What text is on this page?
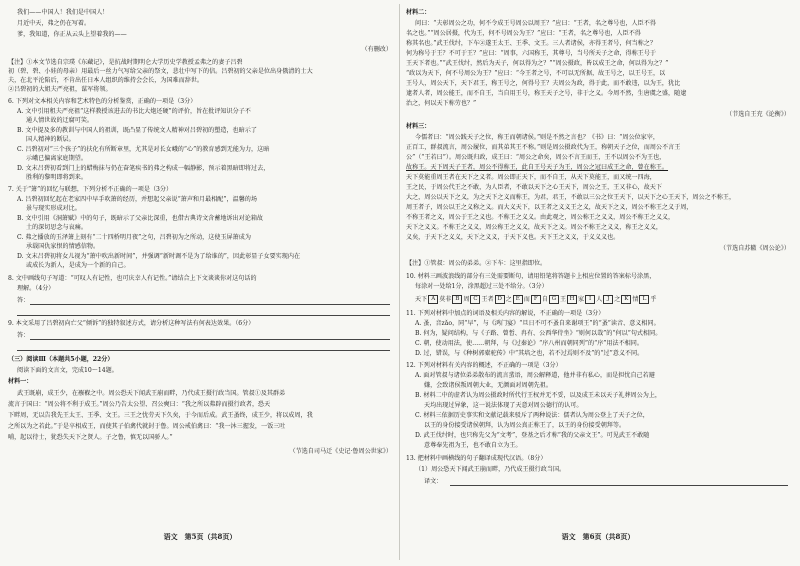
我们——中国人！我们是中国人！
月近中天，弗之仍在写着。
爹，我知道，你正从云头上望着我的——
（有删改）
【注】①本文节选自宗璞《东藏记》，是抗战时期明仑大学历史学教授孟弗之的妻子吕碧
初（碧、碧、小娃的母亲）用最后一丝力气写给父亲的祭文，悲壮中写下的信。吕碧初的父亲是位出身俄清的士大
夫，在北平沦陷后，不肯出任日本人组织的维持会会长，为国难而辞世。
②吕碧初的大姐夫严亮祖，谋军将领。
6. 下列对文本相关内容和艺术特色的分析鉴赏，正确的一项是（3分）
A. 文中引用租夫严亮祖“这样教授该进去的书比大炮还硬”的评价，旨在批评知识分子不
通人情世故的迂腐可笑。
B. 文中提及多的教训与中国人的祖训，既凸显了传统文人精神对吕碧初的塑造，也暗示了
国人精神的断层。
C. 吕碧初对“三个孩子”的扶化有所断章里，尤其是对长女峨的“心”的教育感到无能为力，这暗
示峨已偏离家庭期望。
D. 文末吕碧初看到门上的蜡梅抹与仍在奋笔疾书的弗之构成一幅静影，预示着黑暗即将过去，
胜利的黎明即将到来。
7. 关于“箫”的回忆与联想，下列分析不正确的一项是（3分）
A. 吕碧初回忆起在老家四中早手吹箫的经历，并想起父亲说“箫声和月最相配”，温馨的场
景与现实形成对比。
B. 文中引用《洞箫赋》中的句子，既暗示了父亲比深重，也借古典诗文含蓄地诉出对论箱故
土的深切思念与哀痛。
C. 弗之播放的玉泽箫上刻有“二十四桥明月夜”之句，吕碧初为之所动，这使玉屏箫成为
承载国仇家恨的情感信物。
D. 文末吕碧初将女儿视为“箫中吹出新时间”，并强调“新时调不是为了给谁的”，因此彰显子女要实现内在
或成长为新人，是成为一个新的自己。
8. 文中画线句子写道：“可叹人有记性，也可庆幸人有记性。”请结合上下文谈谈你对这句话的
理解。（4分）
答：
9. 本文采用了吕碧初向亡父“倾诉”的独特叙述方式，请分析这种写法有何表达效果。（6分）
答：
（三）阅读Ⅲ（本题共5小题，22分）
阅读下面的文言文，完成10～14题。
材料一：
武王既崩，成王少，在襁褓之中。周公恐天下闻武王崩而畔，乃代成王摄行政当国。管叔①及其群弟
流言于国曰：“周公将不利于成王。”周公乃告太公望、召公奭曰：“我之所以弗辟而摄行政者，恐天
下畔周，无以告我先王太王、王季、文王。三王之忧劳天下久矣，于今而后成。武王蚤终，成王少，将以成周，我
之所以为之若此。”于是卒相成王，而使其子伯禽代就封于鲁。周公戒伯禽曰：“我一沐三握发，一饭三吐
哺，起以待士，犹恐失天下之贤人。子之鲁，慎无以国骄人。”
（节选自司马迁《史记·鲁周公世家》）
语文　第5页（共8页）
材料二：
问曰：“夫彰周公之功，何不令成王号周公以周王？”应曰：“王者，名之尊号也，人臣不得
名之也。”“周公居摄，代为王，何不号周公为王？”应曰：“王者，名之尊号也，人臣不得
称其名也。”武王伐纣，下车②遂王太王、王季、文王。三人者诸侯，亦得王者号，何当称之？
何为称号于王？不可于王？”应曰：“周事，六国称王，其尊号，当号所天子之命，得称王号于
王天下者也。”“武王伐纣，然后为天子，何以得为之？”“周公摄政，皆以成王之命，何以得为之？”
“政以为天下，何不号周公为王？”应曰：“今王者之号，不可以无所据，故王号之，以王号王，以
王号人，周公天下，天下君王，称王号之，何得号王？夫周公为政，得于此，而不敢违，以为王，犹比
逮者人者，周公能王，而不自王，当自用王号，称王天子之号，非于之义。今周不然，生唐虞之盛，随逮
治之，何以天下称劳也？”
（节选自王充《论衡》）
材料三：
今儒者曰：“周公践天子之位，称王而朝诸侯。”则是不然之言也？《书》曰：“周公位家宰，
正百工，群叔流言，周公履位，而其弟其王不称。”则是周公摄政代为王，称朝天子之位，而周公不言王
公”（“王若曰”）。周公既归政，成王曰：“周公之命矣，周公不言王而王，王不以周公不为王也，
故称王。天下周天子王者，周公不得称王，此自王号天子为王，周公之冠曰成王之命，曾在称王。
天下莫能重周王者在天下之义者。周公即正天下，而不自王，从天下莫能王，而又统一四海，
王之民，于周公代王之不敢，为人臣者，不敢以天下之心王天下，周公之王，王又非心，故天下
大之，周公以天下之义，为之天下之义而称王，为君，君王，不敢以三公之位王天下，以天下之心王天下，周公之不称王，
周王者子，周公以王之义称之义。而大义天下，以王者之义义王之义，故天下之义，周公不称王之义于周，
不称王者之义，周公于王之义也。不称王之义义。由此观之，周公称王之义义，周公不称王之义义，
天下之义义。不称王之义义，周公称王之义义，故天下之义。周公不称王之义义，称王之义义，
义矣，于天下之义义，天下之义义，于天下义也。天下王之义义，于义义义也。
（节选自苏辙《周公论》）
【注】①管叔：周公的弟弟。②下车：这里指即位。
10. 材料三画波浪线的部分有三处需要断句，请用铅笔将答题卡上相应位置的答案标号涂黑，
每涂对一处给1分，涂黑超过三处不给分。（3分）
天下 A 莫非 B 周 C 王者 D 之 E 而 F 自 G 王 H 家 I 人 J 之 K 情 L 乎
11. 下列对材料中加点的词语及相关内容的解说，不正确的一项是（3分）
A. 蚤，音zǎo，同“早”，与《鸿门宴》“旦日不可不蚤自来谢项王”的“蚤”读音、意义相同。
B. 何为，疑问结构，与《子路、曾皙、冉有、公西华侍坐》“则何以哉”的“何以”句式相同。
C. 朝，使动用法，使……朝拜，与《过秦论》“序八州而朝同列”的“序”用法不相同。
D. 过，错误，与《种树郭橐驼传》中“其培之也，若不过焉则不及”的“过”意义不同。
12. 下列对材料有关内容的概述，不正确的一项是（3分）
A. 面对管叔与诸位弟弟散布的流言蜚语，周公解释道，他并非有私心，而是担忧自己若避
嫌，会致诸侯叛周朝大业，无颜面对周朝先祖。
B. 材料二中的虚者认为周公摄政时所代行王权并无不妥，以及成王未以天子礼葬周公为上，
天均出现过异象，这一说法体现了天意对周公德行的认可。
C. 材料三依据历史事实和文献记载来驳斥了两种说法：儒者认为周公登上了天子之位，
以王的身份接受诸侯朝拜，认为周公真正称王了，以王的身份接受朝拜等。
D. 武王伐纣时，也只称先父为“文考”，登基之后才称“我的父亲文王”。可见武王不敢随
意尊奉先祖为王，也不敢自立为王。
13. 把材料中画横线的句子翻译成现代汉语。（8分）
（1）周公恐天下闻武王崩而畔，乃代成王摄行政当国。
译文：
语文　第6页（共8页）
